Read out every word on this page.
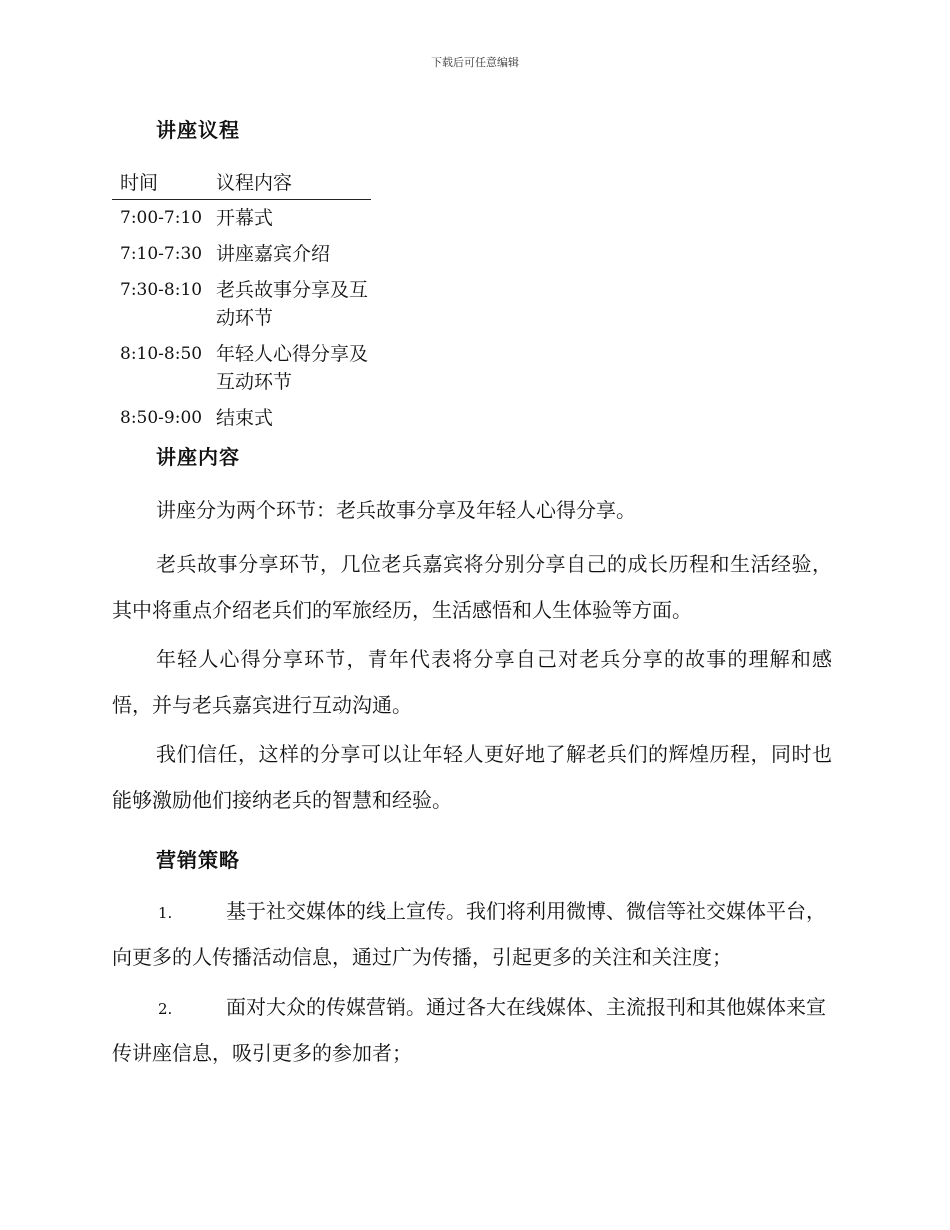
下载后可任意编辑
讲座议程
时间	议程内容
7:00-7:10	开幕式
7:10-7:30	讲座嘉宾介绍
7:30-8:10	老兵故事分享及互动环节
8:10-8:50	年轻人心得分享及互动环节
8:50-9:00	结束式
讲座内容

讲座分为两个环节：老兵故事分享及年轻人心得分享。

老兵故事分享环节，几位老兵嘉宾将分别分享自己的成长历程和生活经验，其中将重点介绍老兵们的军旅经历，生活感悟和人生体验等方面。

年轻人心得分享环节，青年代表将分享自己对老兵分享的故事的理解和感悟，并与老兵嘉宾进行互动沟通。

我们信任，这样的分享可以让年轻人更好地了解老兵们的辉煌历程，同时也能够激励他们接纳老兵的智慧和经验。

营销策略

1.	基于社交媒体的线上宣传。我们将利用微博、微信等社交媒体平台，向更多的人传播活动信息，通过广为传播，引起更多的关注和关注度；

2.	面对大众的传媒营销。通过各大在线媒体、主流报刊和其他媒体来宣传讲座信息，吸引更多的参加者；
